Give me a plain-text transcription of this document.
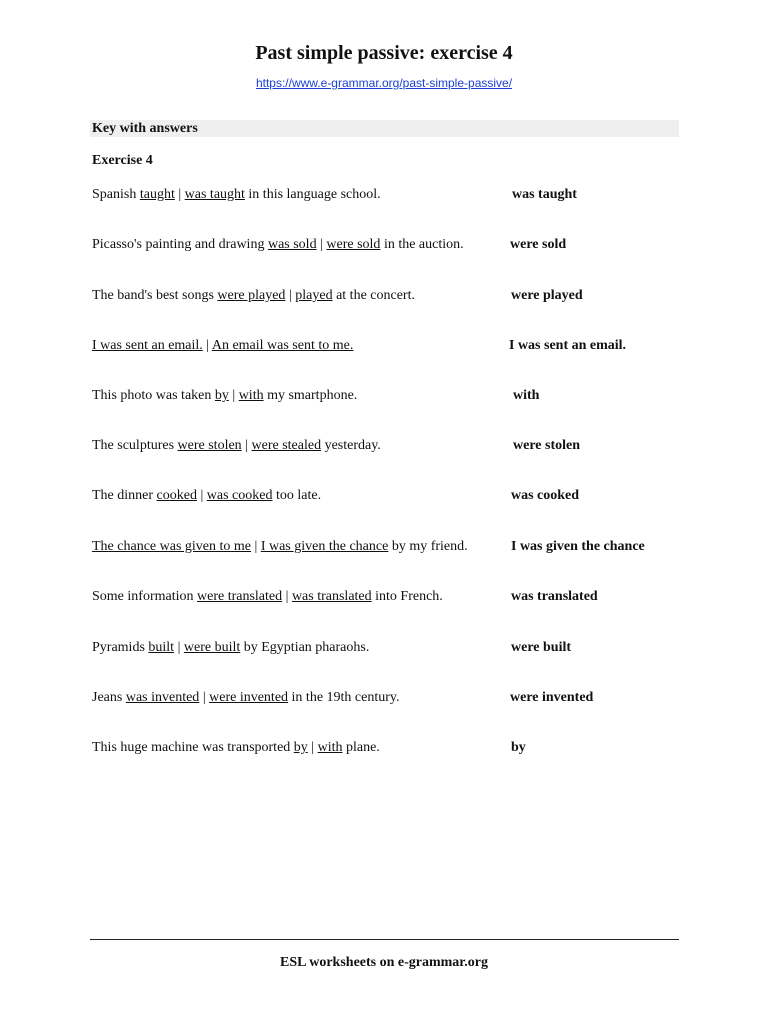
Past simple passive: exercise 4
https://www.e-grammar.org/past-simple-passive/
Key with answers
Exercise 4
Spanish taught | was taught in this language school.	was taught
Picasso's painting and drawing was sold | were sold in the auction.	were sold
The band's best songs were played | played at the concert.	were played
I was sent an email. | An email was sent to me.	I was sent an email.
This photo was taken by | with my smartphone.	with
The sculptures were stolen | were stealed yesterday.	were stolen
The dinner cooked | was cooked too late.	was cooked
The chance was given to me | I was given the chance by my friend.	I was given the chance
Some information were translated | was translated into French.	was translated
Pyramids built | were built by Egyptian pharaohs.	were built
Jeans was invented | were invented in the 19th century.	were invented
This huge machine was transported by | with plane.	by
ESL worksheets on e-grammar.org
